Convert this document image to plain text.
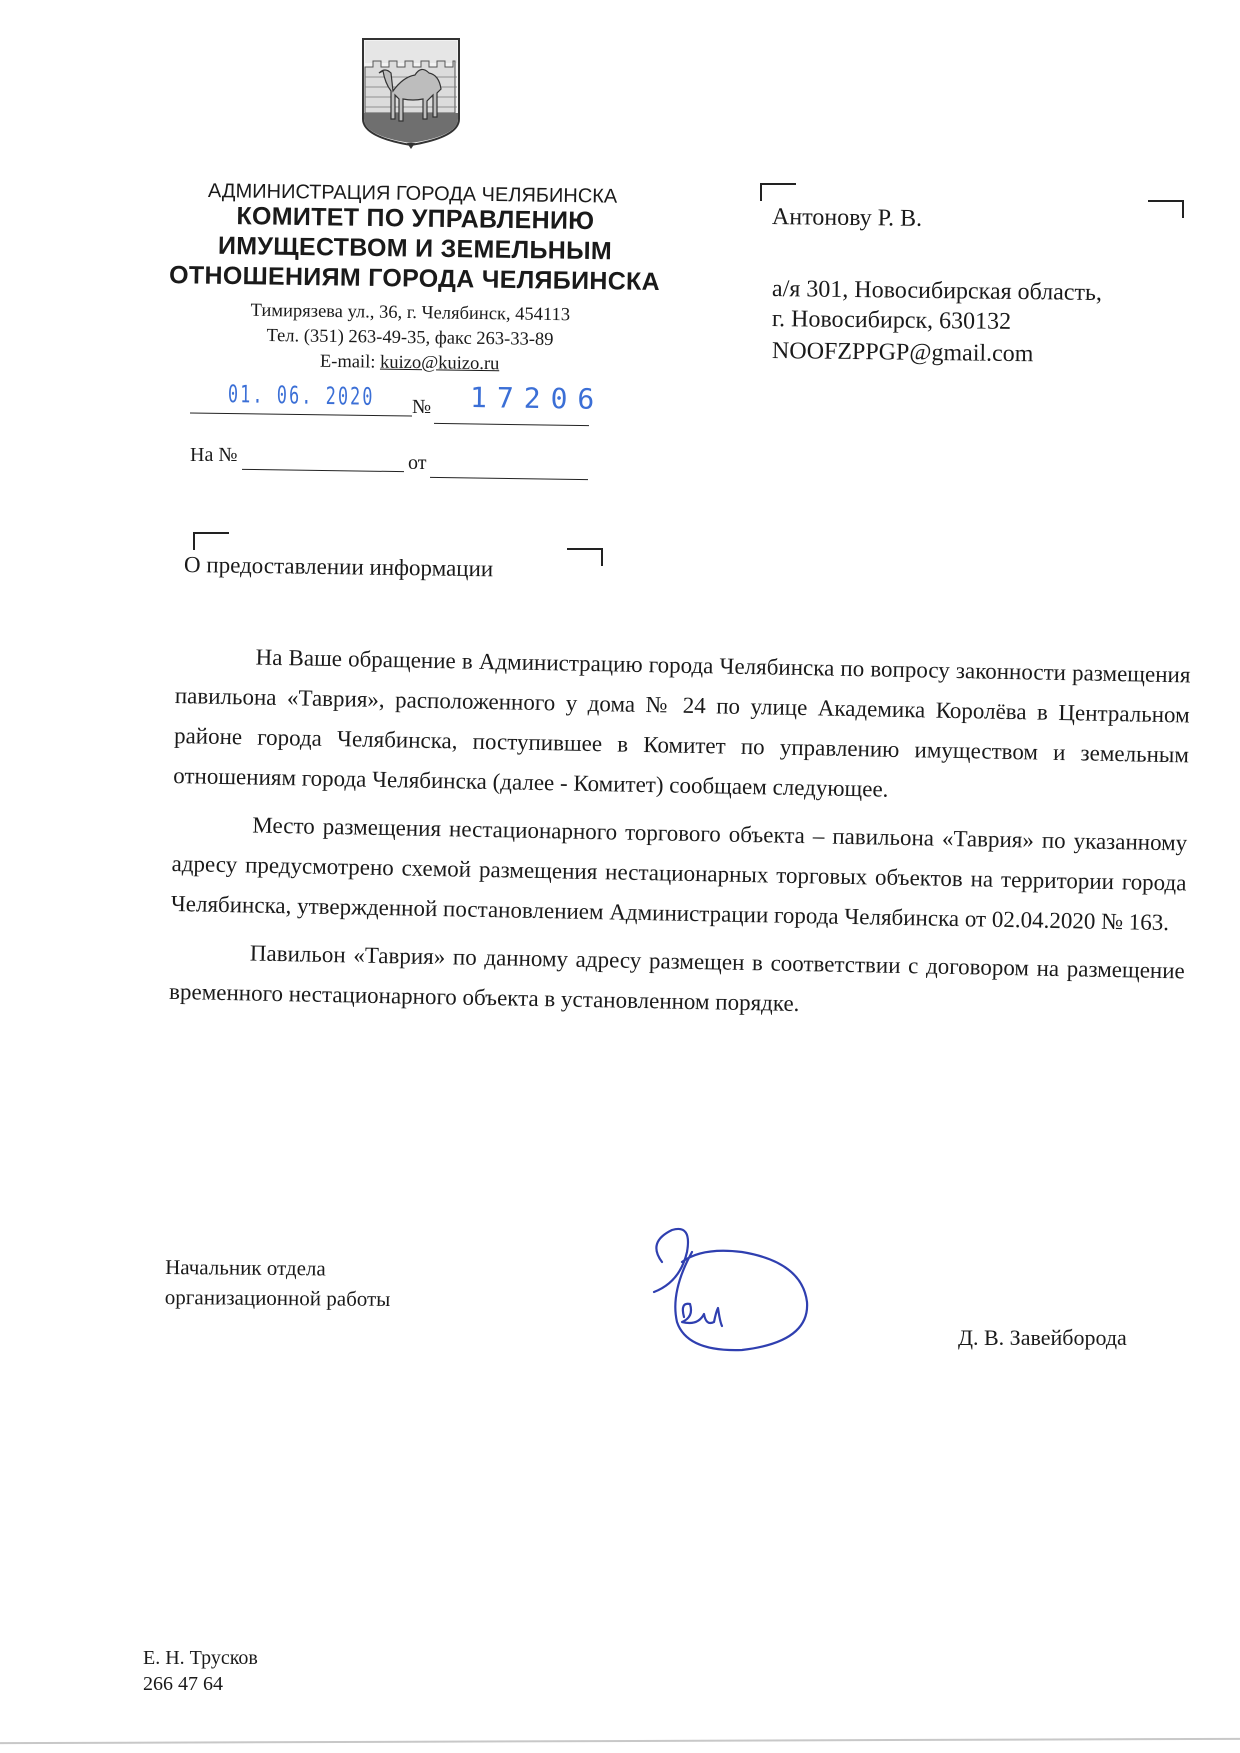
АДМИНИСТРАЦИЯ ГОРОДА ЧЕЛЯБИНСКА
КОМИТЕТ ПО УПРАВЛЕНИЮ
ИМУЩЕСТВОМ И ЗЕМЕЛЬНЫМ
ОТНОШЕНИЯМ ГОРОДА ЧЕЛЯБИНСКА
Тимирязева ул., 36, г. Челябинск, 454113
Тел. (351) 263-49-35, факс 263-33-89
E-mail: kuizo@kuizo.ru
01. 06. 2020 № 17206
На №	от
Антонову Р. В.
а/я 301, Новосибирская область,
г. Новосибирск, 630132
NOOFZPPGP@gmail.com
О предоставлении информации

На Ваше обращение в Администрацию города Челябинска по вопросу законности размещения павильона «Таврия», расположенного у дома № 24 по улице Академика Королёва в Центральном районе города Челябинска, поступившее в Комитет по управлению имуществом и земельным отношениям города Челябинска (далее - Комитет) сообщаем следующее.

Место размещения нестационарного торгового объекта – павильона «Таврия» по указанному адресу предусмотрено схемой размещения нестационарных торговых объектов на территории города Челябинска, утвержденной постановлением Администрации города Челябинска от 02.04.2020 № 163.

Павильон «Таврия» по данному адресу размещен в соответствии с договором на размещение временного нестационарного объекта в установленном порядке.

Начальник отдела
организационной работы
Д. В. Завейборода
Е. Н. Трусков
266 47 64
